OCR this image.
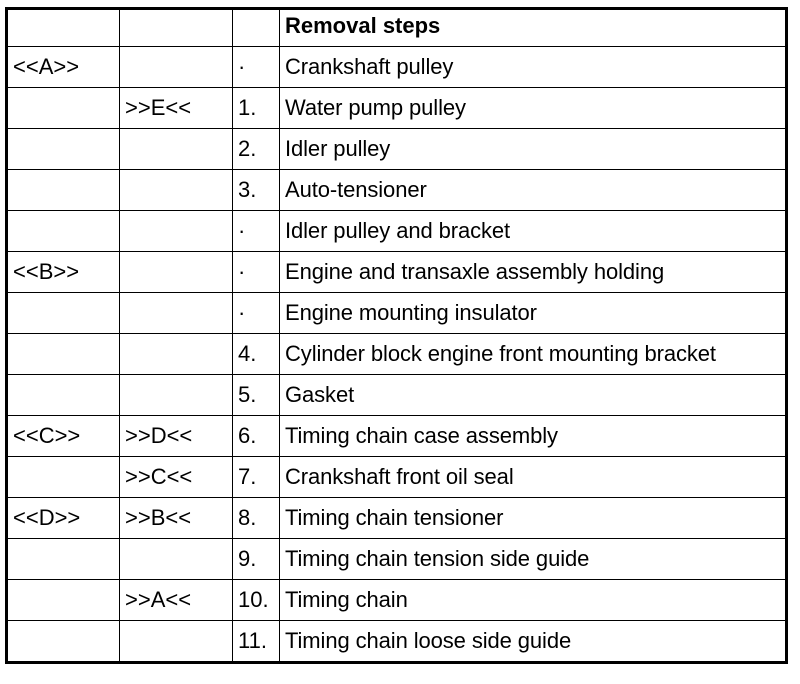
			Removal steps
<<A>>		·	Crankshaft pulley
	>>E<<	1.	Water pump pulley
		2.	Idler pulley
		3.	Auto-tensioner
		·	Idler pulley and bracket
<<B>>		·	Engine and transaxle assembly holding
		·	Engine mounting insulator
		4.	Cylinder block engine front mounting bracket
		5.	Gasket
<<C>>	>>D<<	6.	Timing chain case assembly
	>>C<<	7.	Crankshaft front oil seal
<<D>>	>>B<<	8.	Timing chain tensioner
		9.	Timing chain tension side guide
	>>A<<	10.	Timing chain
		11.	Timing chain loose side guide
